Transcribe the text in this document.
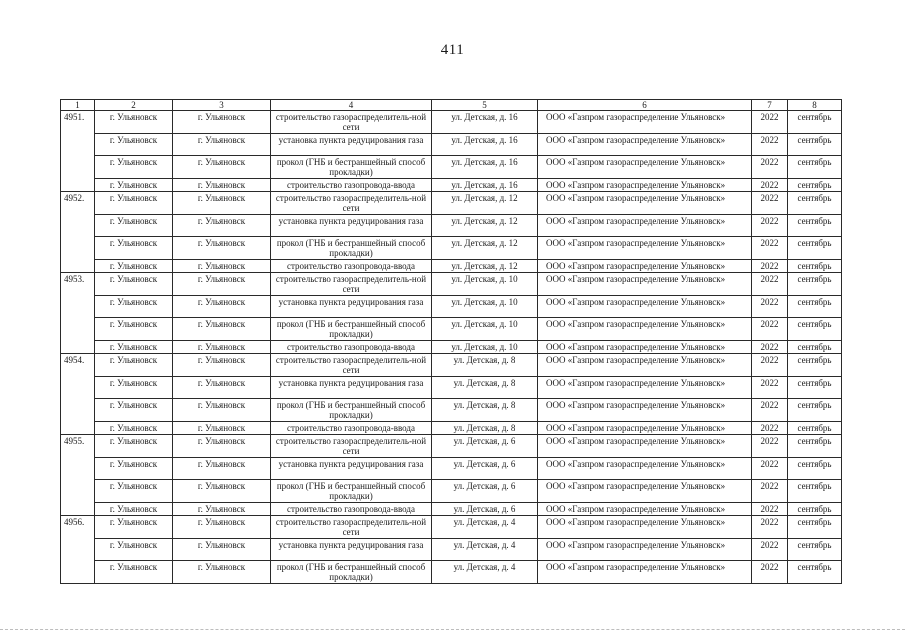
411
1	2	3	4	5	6	7	8
4951.	г. Ульяновск	г. Ульяновск	строительство газораспределитель-ной сети	ул. Детская, д. 16	ООО «Газпром газораспределение Ульяновск»	2022	сентябрь
	г. Ульяновск	г. Ульяновск	установка пункта редуцирования газа	ул. Детская, д. 16	ООО «Газпром газораспределение Ульяновск»	2022	сентябрь
	г. Ульяновск	г. Ульяновск	прокол (ГНБ и бестраншейный способ прокладки)	ул. Детская, д. 16	ООО «Газпром газораспределение Ульяновск»	2022	сентябрь
	г. Ульяновск	г. Ульяновск	строительство газопровода-ввода	ул. Детская, д. 16	ООО «Газпром газораспределение Ульяновск»	2022	сентябрь
4952.	г. Ульяновск	г. Ульяновск	строительство газораспределитель-ной сети	ул. Детская, д. 12	ООО «Газпром газораспределение Ульяновск»	2022	сентябрь
	г. Ульяновск	г. Ульяновск	установка пункта редуцирования газа	ул. Детская, д. 12	ООО «Газпром газораспределение Ульяновск»	2022	сентябрь
	г. Ульяновск	г. Ульяновск	прокол (ГНБ и бестраншейный способ прокладки)	ул. Детская, д. 12	ООО «Газпром газораспределение Ульяновск»	2022	сентябрь
	г. Ульяновск	г. Ульяновск	строительство газопровода-ввода	ул. Детская, д. 12	ООО «Газпром газораспределение Ульяновск»	2022	сентябрь
4953.	г. Ульяновск	г. Ульяновск	строительство газораспределитель-ной сети	ул. Детская, д. 10	ООО «Газпром газораспределение Ульяновск»	2022	сентябрь
	г. Ульяновск	г. Ульяновск	установка пункта редуцирования газа	ул. Детская, д. 10	ООО «Газпром газораспределение Ульяновск»	2022	сентябрь
	г. Ульяновск	г. Ульяновск	прокол (ГНБ и бестраншейный способ прокладки)	ул. Детская, д. 10	ООО «Газпром газораспределение Ульяновск»	2022	сентябрь
	г. Ульяновск	г. Ульяновск	строительство газопровода-ввода	ул. Детская, д. 10	ООО «Газпром газораспределение Ульяновск»	2022	сентябрь
4954.	г. Ульяновск	г. Ульяновск	строительство газораспределитель-ной сети	ул. Детская, д. 8	ООО «Газпром газораспределение Ульяновск»	2022	сентябрь
	г. Ульяновск	г. Ульяновск	установка пункта редуцирования газа	ул. Детская, д. 8	ООО «Газпром газораспределение Ульяновск»	2022	сентябрь
	г. Ульяновск	г. Ульяновск	прокол (ГНБ и бестраншейный способ прокладки)	ул. Детская, д. 8	ООО «Газпром газораспределение Ульяновск»	2022	сентябрь
	г. Ульяновск	г. Ульяновск	строительство газопровода-ввода	ул. Детская, д. 8	ООО «Газпром газораспределение Ульяновск»	2022	сентябрь
4955.	г. Ульяновск	г. Ульяновск	строительство газораспределитель-ной сети	ул. Детская, д. 6	ООО «Газпром газораспределение Ульяновск»	2022	сентябрь
	г. Ульяновск	г. Ульяновск	установка пункта редуцирования газа	ул. Детская, д. 6	ООО «Газпром газораспределение Ульяновск»	2022	сентябрь
	г. Ульяновск	г. Ульяновск	прокол (ГНБ и бестраншейный способ прокладки)	ул. Детская, д. 6	ООО «Газпром газораспределение Ульяновск»	2022	сентябрь
	г. Ульяновск	г. Ульяновск	строительство газопровода-ввода	ул. Детская, д. 6	ООО «Газпром газораспределение Ульяновск»	2022	сентябрь
4956.	г. Ульяновск	г. Ульяновск	строительство газораспределитель-ной сети	ул. Детская, д. 4	ООО «Газпром газораспределение Ульяновск»	2022	сентябрь
	г. Ульяновск	г. Ульяновск	установка пункта редуцирования газа	ул. Детская, д. 4	ООО «Газпром газораспределение Ульяновск»	2022	сентябрь
	г. Ульяновск	г. Ульяновск	прокол (ГНБ и бестраншейный способ прокладки)	ул. Детская, д. 4	ООО «Газпром газораспределение Ульяновск»	2022	сентябрь
